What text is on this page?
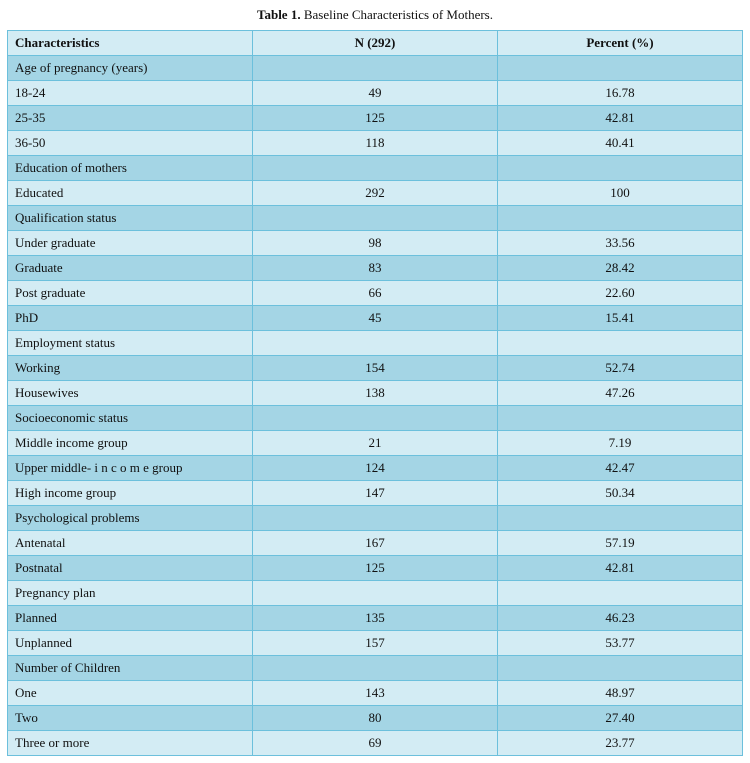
Table 1. Baseline Characteristics of Mothers.
Characteristics	N (292)	Percent (%)
Age of pregnancy (years)		
18-24	49	16.78
25-35	125	42.81
36-50	118	40.41
Education of mothers		
Educated	292	100
Qualification status		
Under graduate	98	33.56
Graduate	83	28.42
Post graduate	66	22.60
PhD	45	15.41
Employment status		
Working	154	52.74
Housewives	138	47.26
Socioeconomic status		
Middle income group	21	7.19
Upper middle- i n c o m e group	124	42.47
High income group	147	50.34
Psychological problems		
Antenatal	167	57.19
Postnatal	125	42.81
Pregnancy plan		
Planned	135	46.23
Unplanned	157	53.77
Number of Children		
One	143	48.97
Two	80	27.40
Three or more	69	23.77
